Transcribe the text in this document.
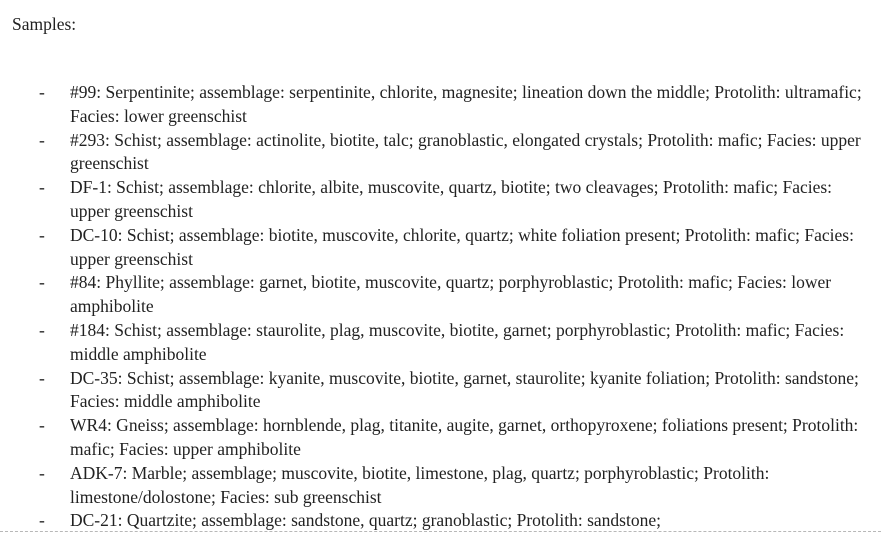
Samples:
- #99: Serpentinite; assemblage: serpentinite, chlorite, magnesite; lineation down the middle; Protolith: ultramafic; Facies: lower greenschist
- #293: Schist; assemblage: actinolite, biotite, talc; granoblastic, elongated crystals; Protolith: mafic; Facies: upper greenschist
- DF-1: Schist; assemblage: chlorite, albite, muscovite, quartz, biotite; two cleavages; Protolith: mafic; Facies: upper greenschist
- DC-10: Schist; assemblage: biotite, muscovite, chlorite, quartz; white foliation present; Protolith: mafic; Facies: upper greenschist
- #84: Phyllite; assemblage: garnet, biotite, muscovite, quartz; porphyroblastic; Protolith: mafic; Facies: lower amphibolite
- #184: Schist; assemblage: staurolite, plag, muscovite, biotite, garnet; porphyroblastic; Protolith: mafic; Facies: middle amphibolite
- DC-35: Schist; assemblage: kyanite, muscovite, biotite, garnet, staurolite; kyanite foliation; Protolith: sandstone; Facies: middle amphibolite
- WR4: Gneiss; assemblage: hornblende, plag, titanite, augite, garnet, orthopyroxene; foliations present; Protolith: mafic; Facies: upper amphibolite
- ADK-7: Marble; assemblage; muscovite, biotite, limestone, plag, quartz; porphyroblastic; Protolith: limestone/dolostone; Facies: sub greenschist
- DC-21: Quartzite; assemblage: sandstone, quartz; granoblastic; Protolith: sandstone;
